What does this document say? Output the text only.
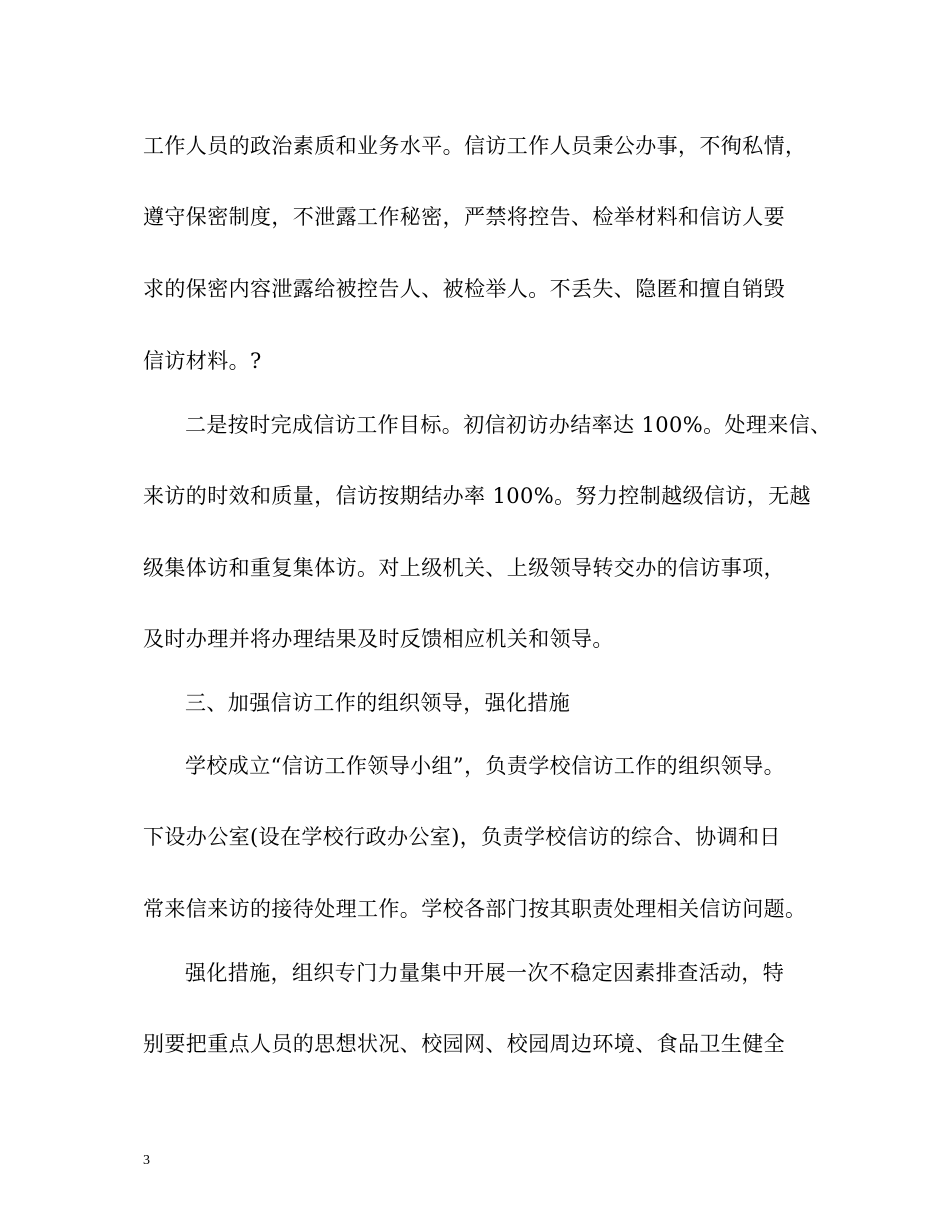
工作人员的政治素质和业务水平。信访工作人员秉公办事，不徇私情，
遵守保密制度，不泄露工作秘密，严禁将控告、检举材料和信访人要
求的保密内容泄露给被控告人、被检举人。不丢失、隐匿和擅自销毁
信访材料。?
二是按时完成信访工作目标。初信初访办结率达 100%。处理来信、
来访的时效和质量，信访按期结办率 100%。努力控制越级信访，无越
级集体访和重复集体访。对上级机关、上级领导转交办的信访事项，
及时办理并将办理结果及时反馈相应机关和领导。
三、加强信访工作的组织领导，强化措施
学校成立“信访工作领导小组”，负责学校信访工作的组织领导。
下设办公室(设在学校行政办公室)，负责学校信访的综合、协调和日
常来信来访的接待处理工作。学校各部门按其职责处理相关信访问题。
强化措施，组织专门力量集中开展一次不稳定因素排查活动，特
别要把重点人员的思想状况、校园网、校园周边环境、食品卫生健全
3
